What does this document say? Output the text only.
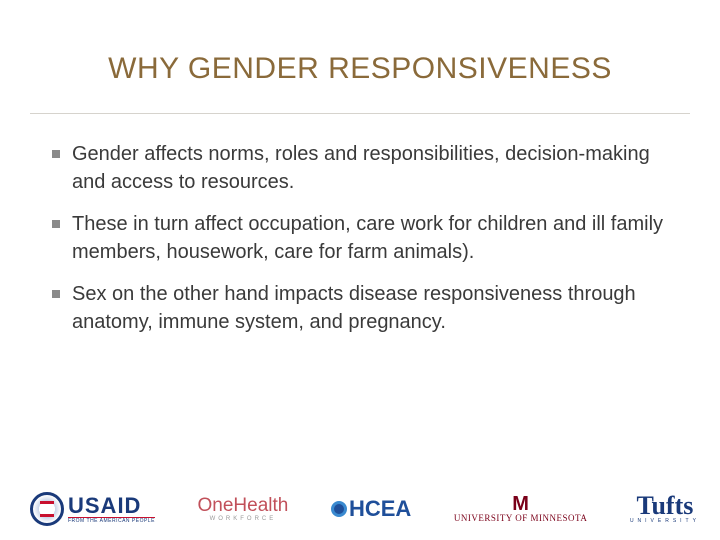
WHY GENDER RESPONSIVENESS
Gender affects norms, roles and responsibilities, decision-making and access to resources.
These in turn affect occupation, care work for children and ill family members, housework, care for farm animals).
Sex on the other hand impacts disease responsiveness through anatomy, immune system, and pregnancy.
USAID
FROM THE AMERICAN PEOPLE
OneHealth
WORKFORCE	HCEA	M
UNIVERSITY OF MINNESOTA Tufts
UNIVERSITY
